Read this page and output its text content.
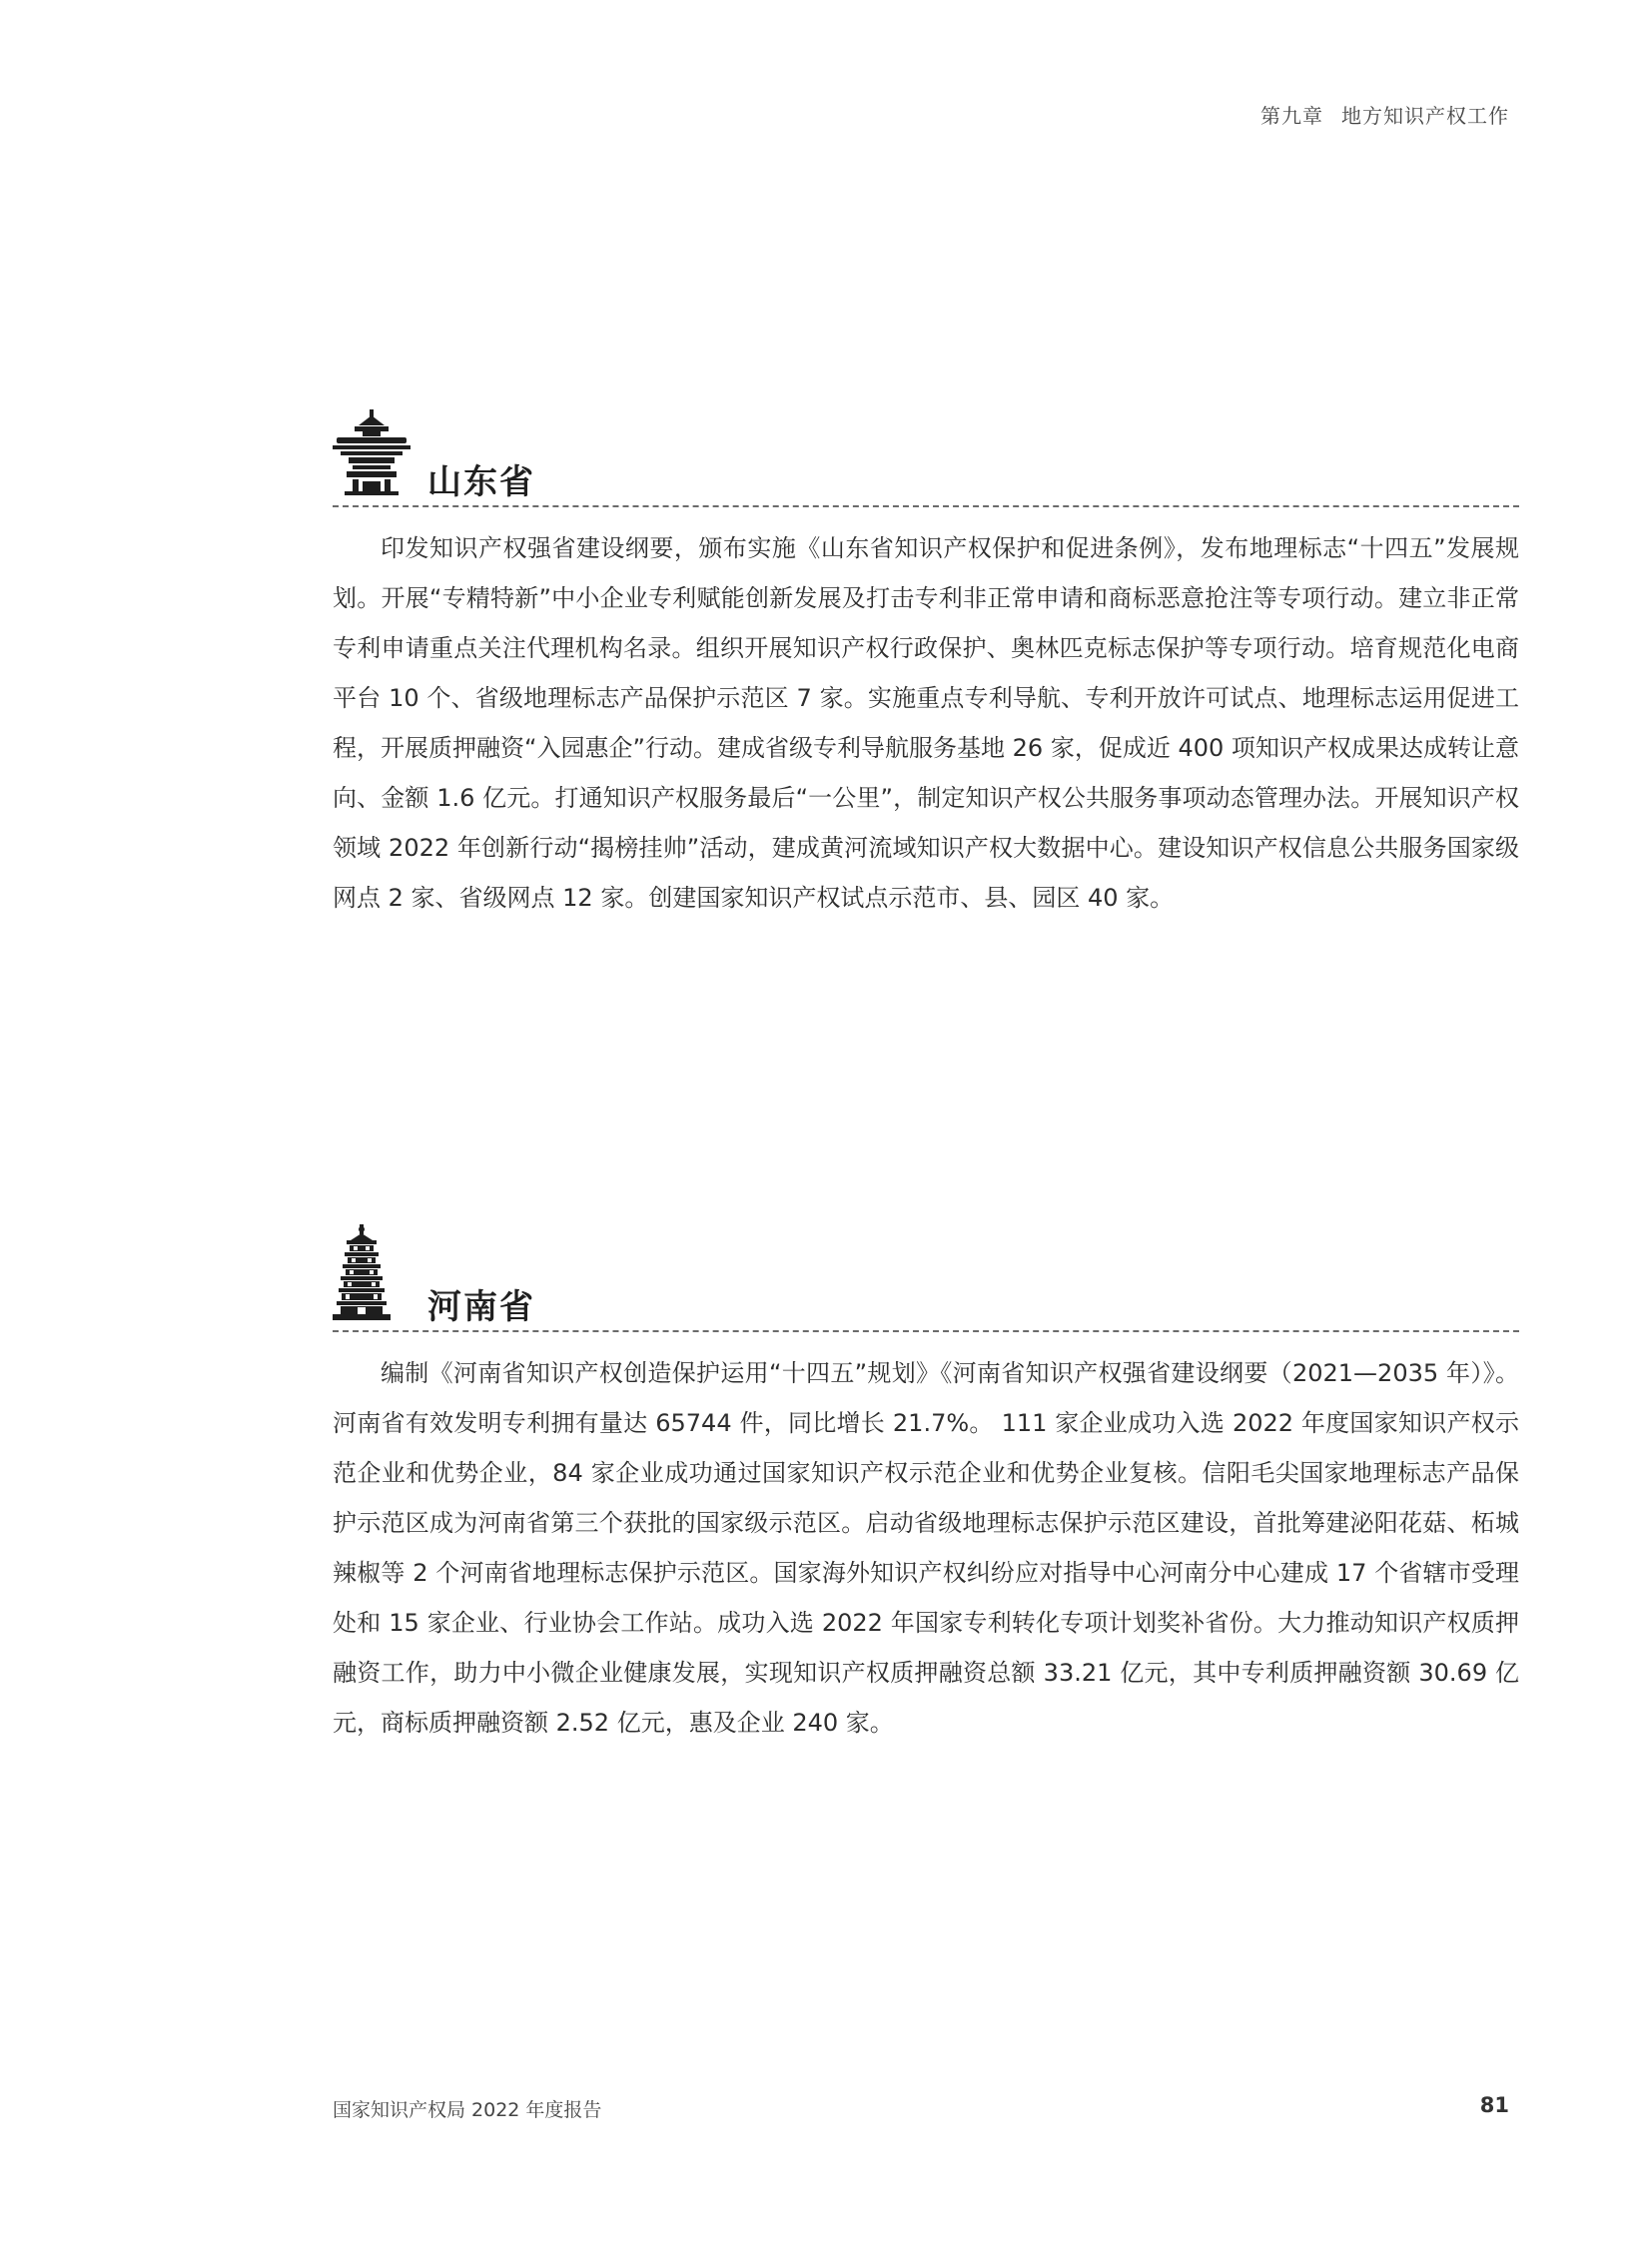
第九章 地方知识产权工作
山东省

印发知识产权强省建设纲要，颁布实施《山东省知识产权保护和促进条例》，发布地理标志“十四五”发展规划。开展“专精特新”中小企业专利赋能创新发展及打击专利非正常申请和商标恶意抢注等专项行动。建立非正常专利申请重点关注代理机构名录。组织开展知识产权行政保护、奥林匹克标志保护等专项行动。培育规范化电商平台 10 个、省级地理标志产品保护示范区 7 家。实施重点专利导航、专利开放许可试点、地理标志运用促进工程，开展质押融资“入园惠企”行动。建成省级专利导航服务基地 26 家，促成近 400 项知识产权成果达成转让意向、金额 1.6 亿元。打通知识产权服务最后“一公里”，制定知识产权公共服务事项动态管理办法。开展知识产权领域 2022 年创新行动“揭榜挂帅”活动，建成黄河流域知识产权大数据中心。建设知识产权信息公共服务国家级网点 2 家、省级网点 12 家。创建国家知识产权试点示范市、县、园区 40 家。

河南省

编制《河南省知识产权创造保护运用“十四五”规划》《河南省知识产权强省建设纲要（2021—2035 年）》。河南省有效发明专利拥有量达 65744 件，同比增长 21.7%。 111 家企业成功入选 2022 年度国家知识产权示范企业和优势企业，84 家企业成功通过国家知识产权示范企业和优势企业复核。信阳毛尖国家地理标志产品保护示范区成为河南省第三个获批的国家级示范区。启动省级地理标志保护示范区建设，首批筹建泌阳花菇、柘城辣椒等 2 个河南省地理标志保护示范区。国家海外知识产权纠纷应对指导中心河南分中心建成 17 个省辖市受理处和 15 家企业、行业协会工作站。成功入选 2022 年国家专利转化专项计划奖补省份。大力推动知识产权质押融资工作，助力中小微企业健康发展，实现知识产权质押融资总额 33.21 亿元，其中专利质押融资额 30.69 亿元，商标质押融资额 2.52 亿元，惠及企业 240 家。

国家知识产权局 2022 年度报告	81
